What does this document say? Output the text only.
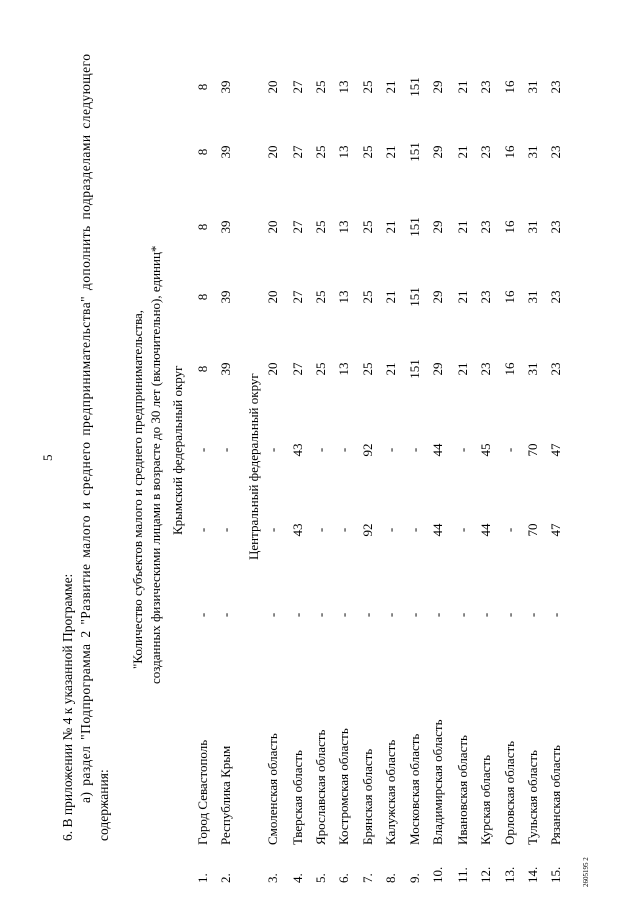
5
6. В приложении № 4 к указанной Программе: а) раздел "Подпрограмма 2 "Развитие малого и среднего предпринимательства" дополнить подразделами следующего
содержания:
"Количество субъектов малого и среднего предпринимательства, созданных физическими лицами в возрасте до 30 лет (включительно), единиц* Крымский федеральный округ
1.
Город Севастополь
-
-
-
8
8
8
8
8
2.
Республика Крым
-
-
-
39
39
39
39
39
Центральный федеральный округ
3.
Смоленская область
-
-
-
20
20
20
20
20
4.
Тверская область
-
43
43
27
27
27
27
27
5.
Ярославская область
-
-
-
25
25
25
25
25
6.
Костромская область
-
-
-
13
13
13
13
13
7.
Брянская область
-
92
92
25
25
25
25
25
8.
Калужская область
-
-
-
21
21
21
21
21
9.
Московская область
-
-
-
151
151
151
151
151
10.
Владимирская область
-
44
44
29
29
29
29
29
11.
Ивановская область
-
-
-
21
21
21
21
21
12.
Курская область
-
44
45
23
23
23
23
23
13.
Орловская область
-
-
-
16
16
16
16
16
14.
Тульская область
-
70
70
31
31
31
31
31
15.
Рязанская область
-
47
47
23
23
23
23
23
2605195 2
